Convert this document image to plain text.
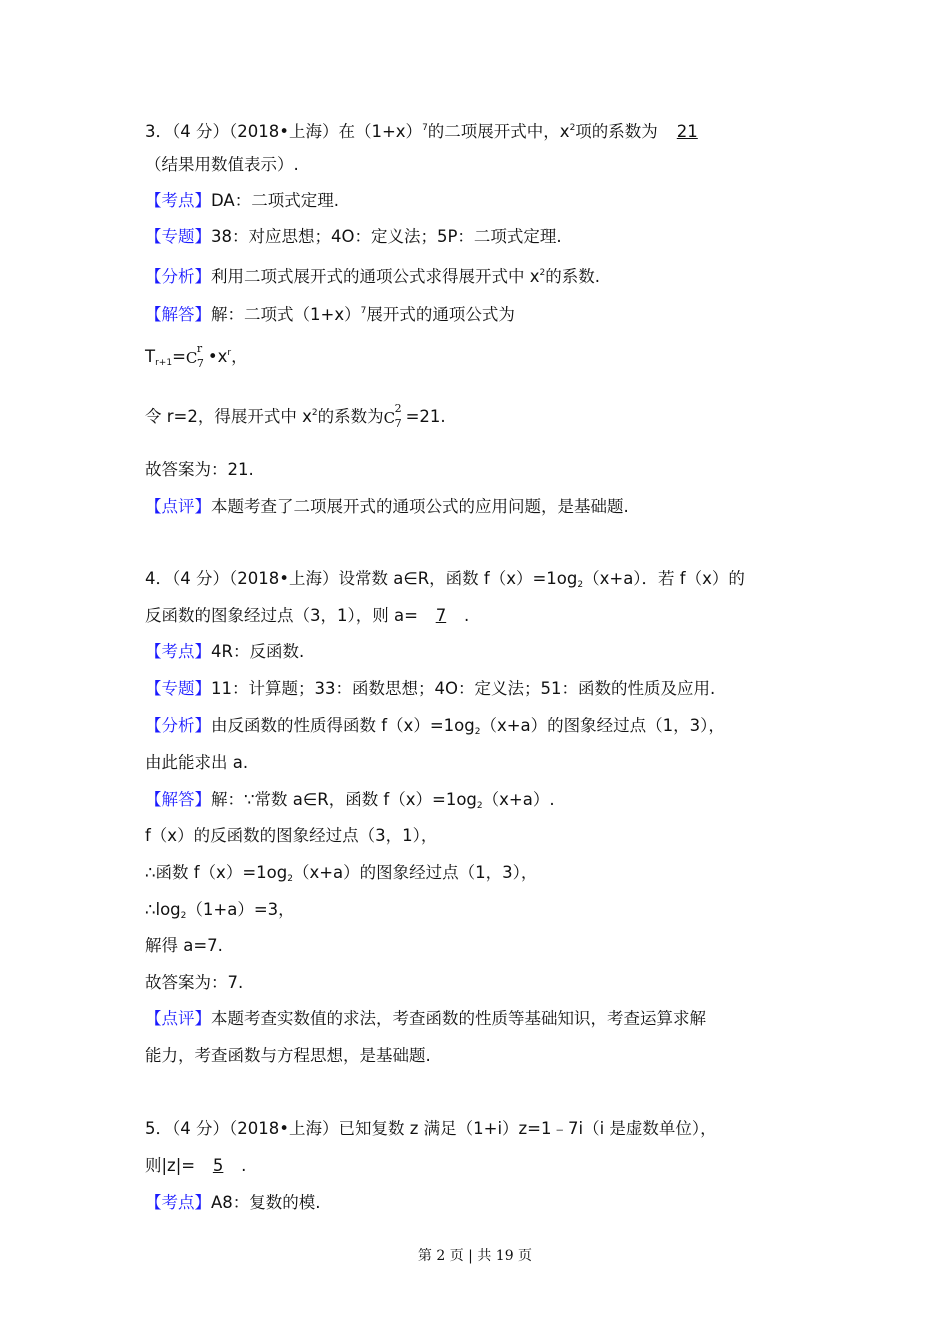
3．（4 分）（2018•上海）在$(1+x)^7$的二项展开式中，$x^2$项的系数为 21
（结果用数值表示）.
【考点】DA：二项式定理.
【专题】38：对应思想；4O：定义法；5P：二项式定理.
【分析】利用二项式展开式的通项公式求得展开式中 $x^2$的系数.
【解答】解：二项式$(1+x)^7$展开式的通项公式为
$T_{r+1}= C$
r
7 $•x^r$，
令 r=2，得展开式中 $x^2$的系数为 C
2
7 =21.
故答案为：21.
【点评】本题考查了二项展开式的通项公式的应用问题，是基础题.
4．（4 分）（2018•上海）设常数 a∈R，函数 $f(x)=1og_2(x+a)$．若 f（x）的
反函数的图象经过点（3，1），则 a= 7 .
【考点】4R：反函数.
【专题】11：计算题；33：函数思想；4O：定义法；51：函数的性质及应用.
【分析】由反函数的性质得函数 $f(x)=1og_2(x+a)$的图象经过点（1，3），
由此能求出 a.
【解答】解：∵常数 a∈R，函数 $f(x)=1og_2(x+a)$.
f（x）的反函数的图象经过点（3，1），
∴函数 $f(x)=1og_2(x+a)$的图象经过点（1，3），
$\therefore\log_2(1+a)=3$，
解得 a=7.
故答案为：7.
【点评】本题考查实数值的求法，考查函数的性质等基础知识，考查运算求解
能力，考查函数与方程思想，是基础题.
5．（4 分）（2018•上海）已知复数 z 满足（1+i）z=1﹣7i（i 是虚数单位），
则|z|= 5 .
【考点】A8：复数的模.
第 2 页 | 共 19 页
